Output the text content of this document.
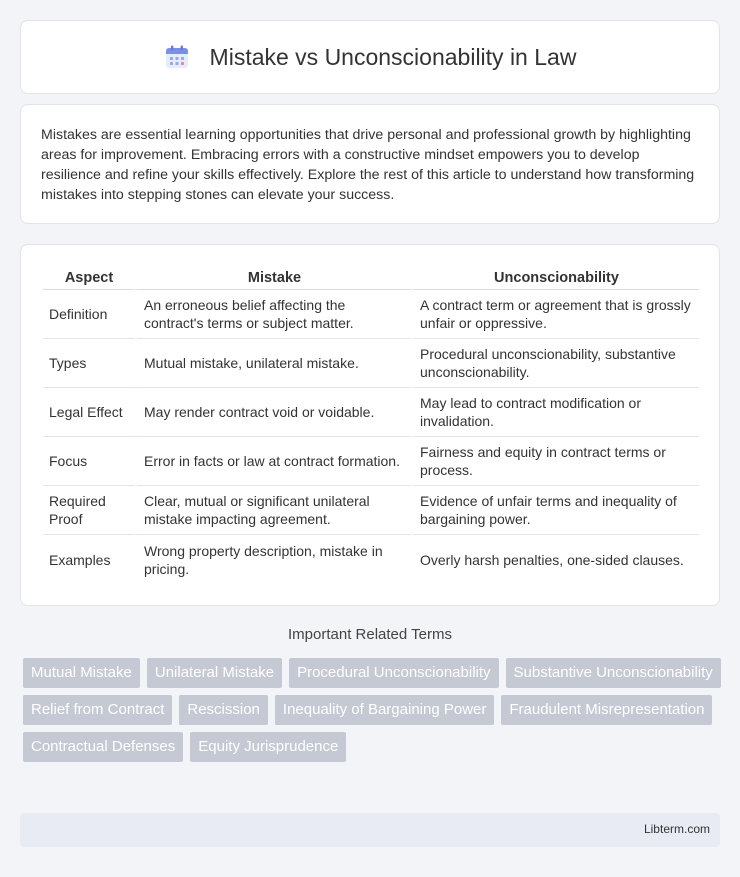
Mistake vs Unconscionability in Law

Mistakes are essential learning opportunities that drive personal and professional growth by highlighting areas for improvement. Embracing errors with a constructive mindset empowers you to develop resilience and refine your skills effectively. Explore the rest of this article to understand how transforming mistakes into stepping stones can elevate your success.

Aspect	Mistake	Unconscionability
Definition	An erroneous belief affecting the contract's terms or subject matter.	A contract term or agreement that is grossly unfair or oppressive.
Types	Mutual mistake, unilateral mistake.	Procedural unconscionability, substantive unconscionability.
Legal Effect	May render contract void or voidable.	May lead to contract modification or invalidation.
Focus	Error in facts or law at contract formation.	Fairness and equity in contract terms or process.
Required Proof	Clear, mutual or significant unilateral mistake impacting agreement.	Evidence of unfair terms and inequality of bargaining power.
Examples	Wrong property description, mistake in pricing.	Overly harsh penalties, one-sided clauses.
Important Related Terms
Mutual Mistake	Unilateral Mistake	Procedural Unconscionability	Substantive Unconscionability
Relief from Contract	Rescission	Inequality of Bargaining Power	Fraudulent Misrepresentation
Contractual Defenses	Equity Jurisprudence
Libterm.com
